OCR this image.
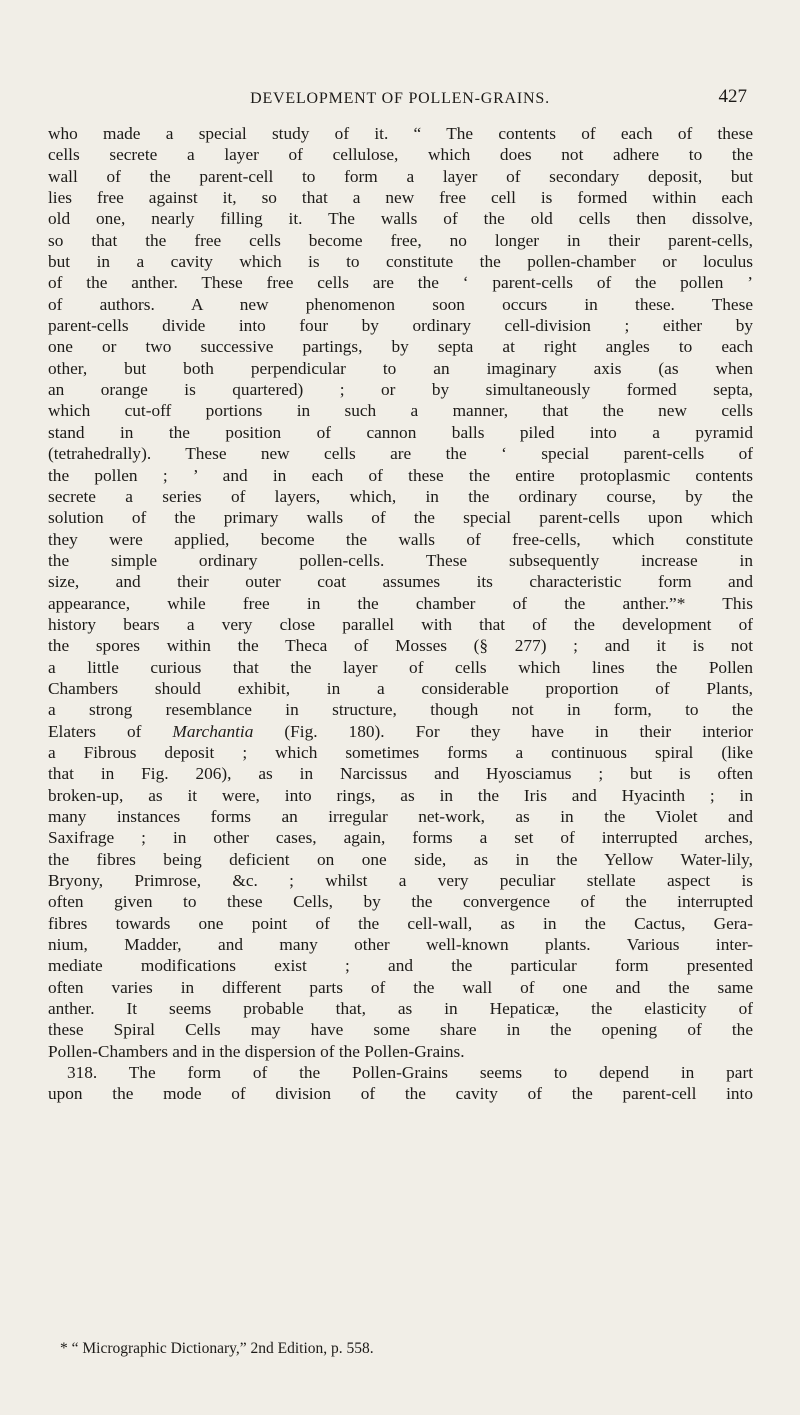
DEVELOPMENT OF POLLEN-GRAINS.	427
who made a special study of it. “ The contents of each of these
cells secrete a layer of cellulose, which does not adhere to the
wall of the parent-cell to form a layer of secondary deposit, but
lies free against it, so that a new free cell is formed within each
old one, nearly filling it. The walls of the old cells then dissolve,
so that the free cells become free, no longer in their parent-cells,
but in a cavity which is to constitute the pollen-chamber or loculus
of the anther. These free cells are the ‘ parent-cells of the pollen ’
of authors. A new phenomenon soon occurs in these. These
parent-cells divide into four by ordinary cell-division ; either by
one or two successive partings, by septa at right angles to each
other, but both perpendicular to an imaginary axis (as when
an orange is quartered) ; or by simultaneously formed septa,
which cut-off portions in such a manner, that the new cells
stand in the position of cannon balls piled into a pyramid
(tetrahedrally). These new cells are the ‘ special parent-cells of
the pollen ; ’ and in each of these the entire protoplasmic contents
secrete a series of layers, which, in the ordinary course, by the
solution of the primary walls of the special parent-cells upon which
they were applied, become the walls of free-cells, which constitute
the simple ordinary pollen-cells. These subsequently increase in
size, and their outer coat assumes its characteristic form and
appearance, while free in the chamber of the anther.”* This
history bears a very close parallel with that of the development of
the spores within the Theca of Mosses (§ 277) ; and it is not
a little curious that the layer of cells which lines the Pollen
Chambers should exhibit, in a considerable proportion of Plants,
a strong resemblance in structure, though not in form, to the
Elaters of Marchantia (Fig. 180). For they have in their interior
a Fibrous deposit ; which sometimes forms a continuous spiral (like
that in Fig. 206), as in Narcissus and Hyosciamus ; but is often
broken-up, as it were, into rings, as in the Iris and Hyacinth ; in
many instances forms an irregular net-work, as in the Violet and
Saxifrage ; in other cases, again, forms a set of interrupted arches,
the fibres being deficient on one side, as in the Yellow Water-lily,
Bryony, Primrose, &c. ; whilst a very peculiar stellate aspect is
often given to these Cells, by the convergence of the interrupted
fibres towards one point of the cell-wall, as in the Cactus, Gera-
nium, Madder, and many other well-known plants. Various inter-
mediate modifications exist ; and the particular form presented
often varies in different parts of the wall of one and the same
anther. It seems probable that, as in Hepaticæ, the elasticity of
these Spiral Cells may have some share in the opening of the
Pollen-Chambers and in the dispersion of the Pollen-Grains.
318. The form of the Pollen-Grains seems to depend in part
upon the mode of division of the cavity of the parent-cell into
* “ Micrographic Dictionary,” 2nd Edition, p. 558.
